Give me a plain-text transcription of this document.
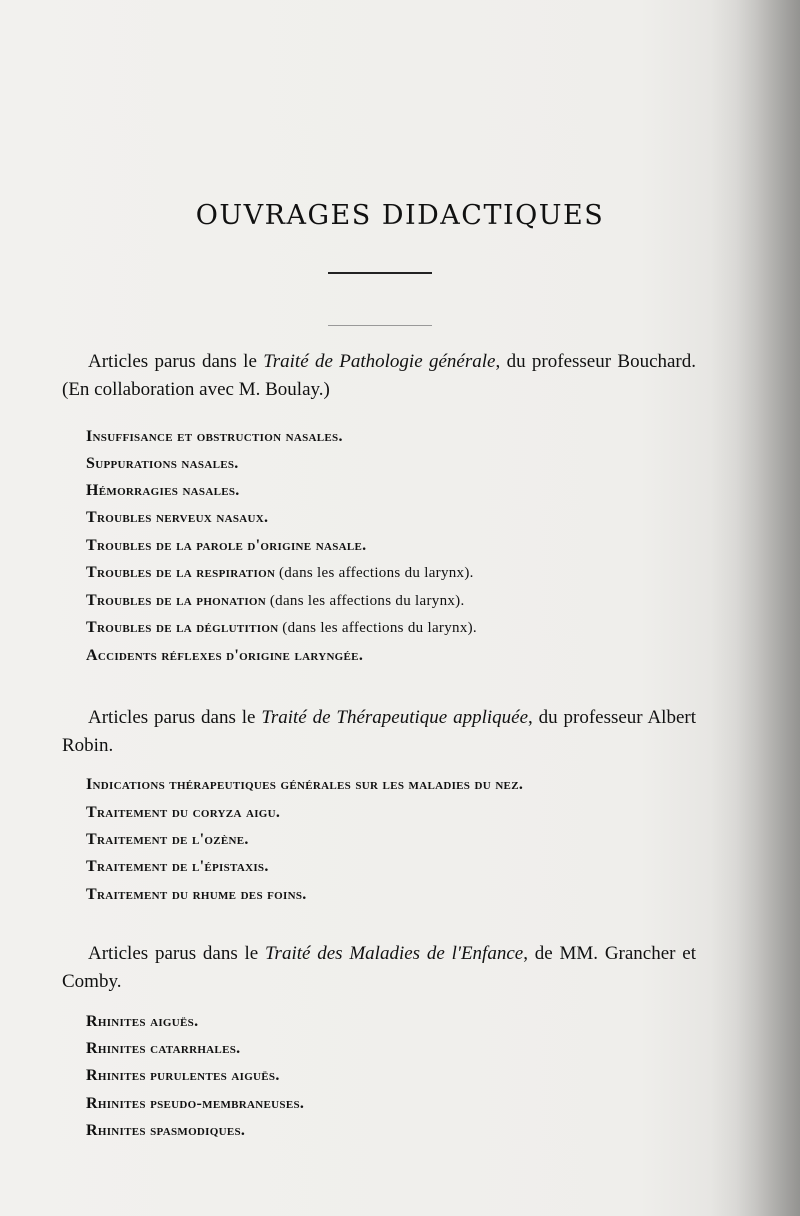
OUVRAGES DIDACTIQUES
Articles parus dans le Traité de Pathologie générale, du professeur Bouchard. (En collaboration avec M. Boulay.)
Insuffisance et obstruction nasales.
Suppurations nasales.
Hémorragies nasales.
Troubles nerveux nasaux.
Troubles de la parole d'origine nasale.
Troubles de la respiration (dans les affections du larynx).
Troubles de la phonation (dans les affections du larynx).
Troubles de la déglutition (dans les affections du larynx).
Accidents réflexes d'origine laryngée.
Articles parus dans le Traité de Thérapeutique appliquée, du professeur Albert Robin.
Indications thérapeutiques générales sur les maladies du nez.
Traitement du coryza aigu.
Traitement de l'ozène.
Traitement de l'épistaxis.
Traitement du rhume des foins.
Articles parus dans le Traité des Maladies de l'Enfance, de MM. Grancher et Comby.
Rhinites aiguës.
Rhinites catarrhales.
Rhinites purulentes aiguës.
Rhinites pseudo-membraneuses.
Rhinites spasmodiques.
